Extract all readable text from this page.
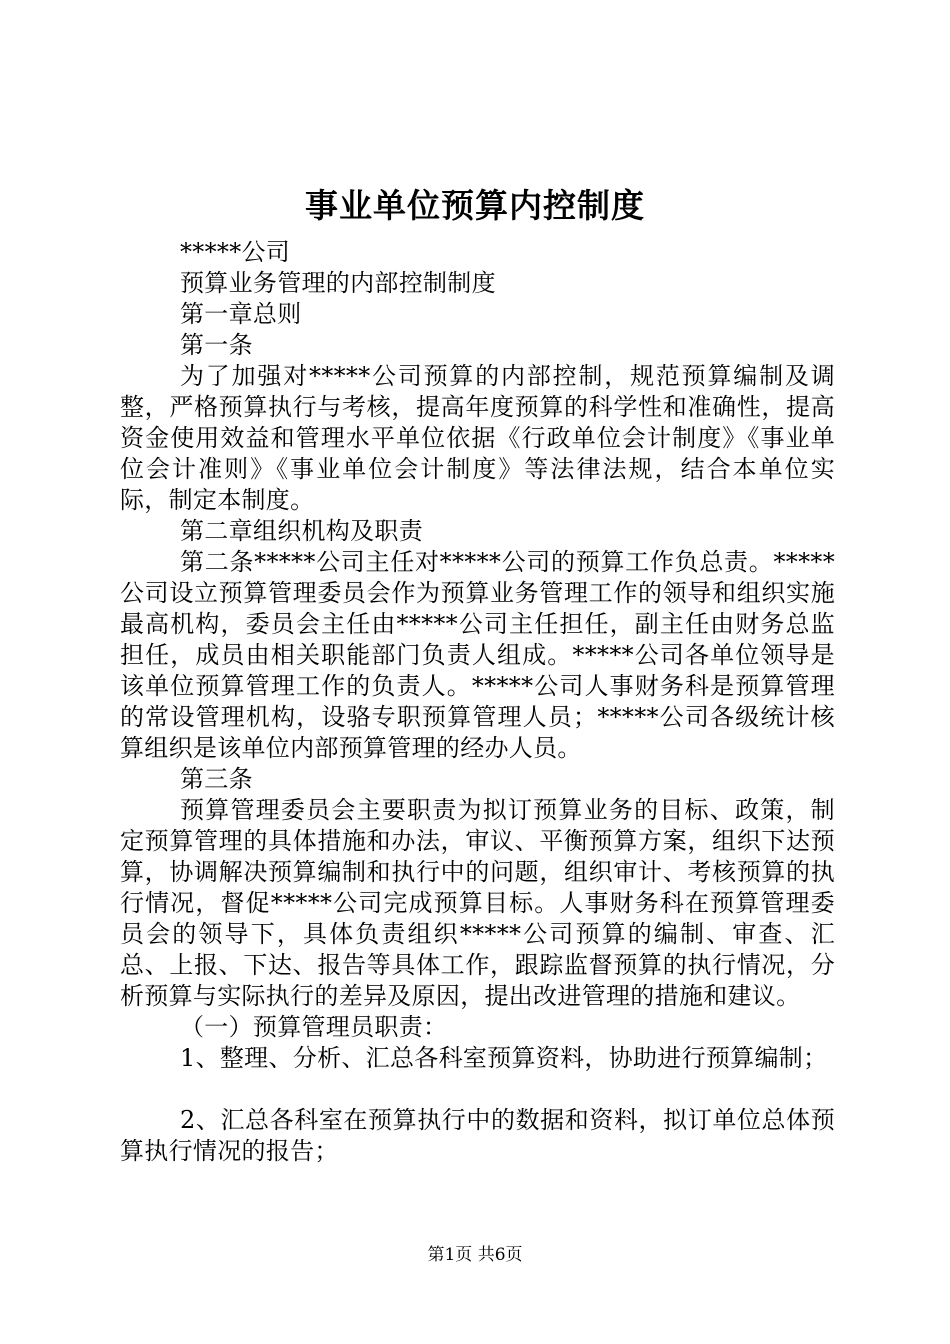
事业单位预算内控制度

*****公司

预算业务管理的内部控制制度

第一章总则

第一条

为了加强对*****公司预算的内部控制，规范预算编制及调整，严格预算执行与考核，提高年度预算的科学性和准确性，提高资金使用效益和管理水平单位依据《行政单位会计制度》《事业单位会计准则》《事业单位会计制度》等法律法规，结合本单位实际，制定本制度。

第二章组织机构及职责

第二条*****公司主任对*****公司的预算工作负总责。*****公司设立预算管理委员会作为预算业务管理工作的领导和组织实施最高机构，委员会主任由*****公司主任担任，副主任由财务总监担任，成员由相关职能部门负责人组成。*****公司各单位领导是该单位预算管理工作的负责人。*****公司人事财务科是预算管理的常设管理机构，设骆专职预算管理人员；*****公司各级统计核算组织是该单位内部预算管理的经办人员。

第三条

预算管理委员会主要职责为拟订预算业务的目标、政策，制定预算管理的具体措施和办法，审议、平衡预算方案，组织下达预算，协调解决预算编制和执行中的问题，组织审计、考核预算的执行情况，督促*****公司完成预算目标。人事财务科在预算管理委员会的领导下，具体负责组织*****公司预算的编制、审查、汇总、上报、下达、报告等具体工作，跟踪监督预算的执行情况，分析预算与实际执行的差异及原因，提出改进管理的措施和建议。

（一）预算管理员职责：

1、整理、分析、汇总各科室预算资料，协助进行预算编制；

2、汇总各科室在预算执行中的数据和资料，拟订单位总体预算执行情况的报告；

第1页 共6页
